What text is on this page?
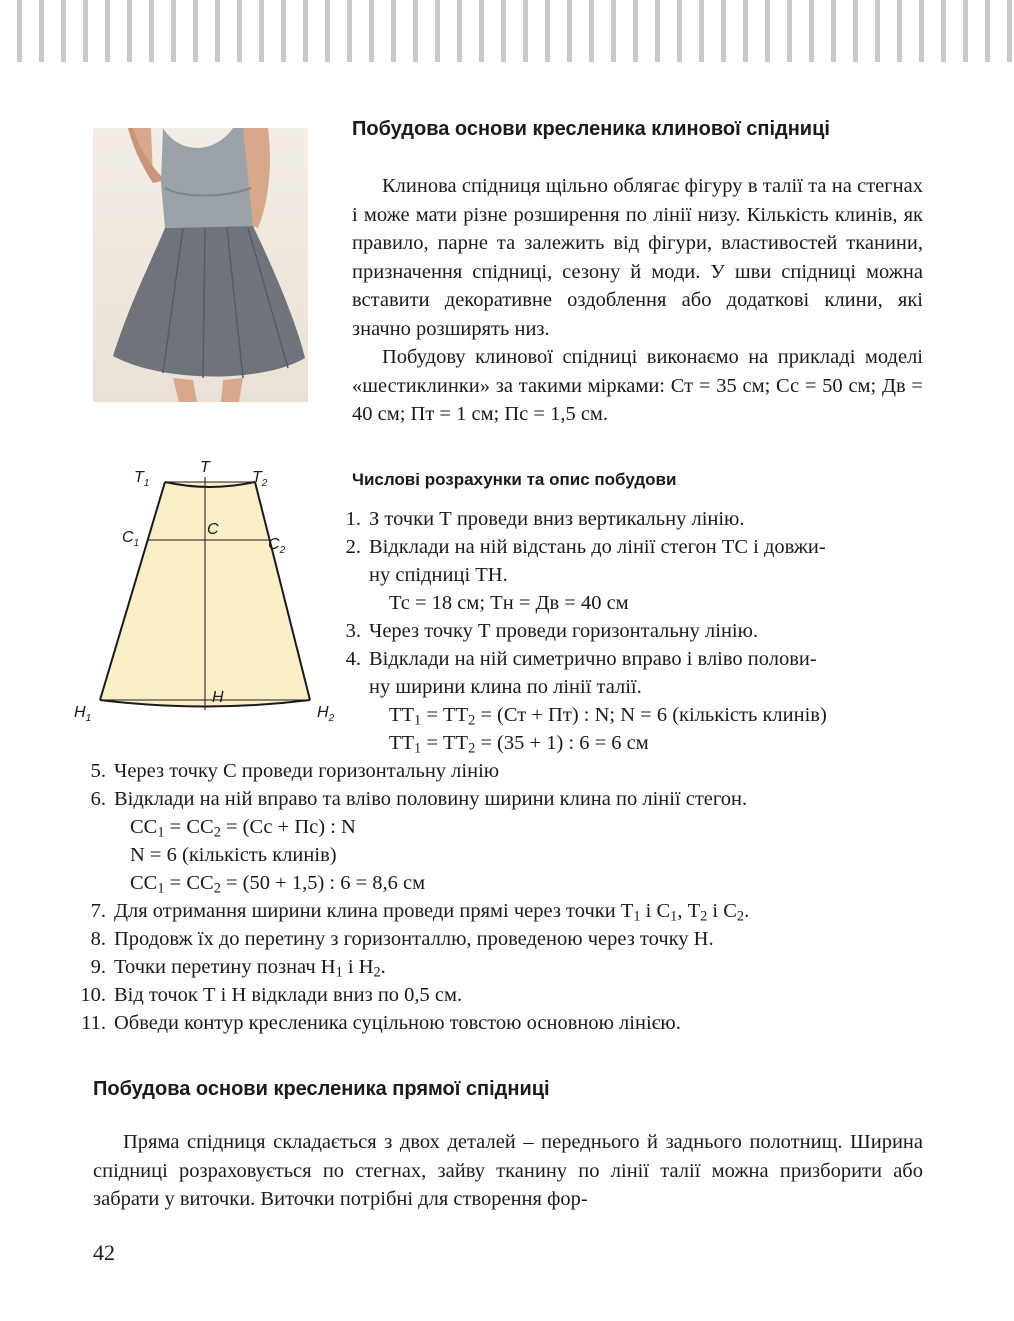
Побудова основи кресленика клинової спідниці

Клинова спідниця щільно облягає фігуру в талії та на стегнах і може мати різне розширення по лінії низу. Кількість клинів, як правило, парне та залежить від фігури, властивостей тканини, призначення спідниці, сезону й моди. У шви спідниці можна вставити декоративне оздоблення або додаткові клини, які значно розширять низ.

Побудову клинової спідниці виконаємо на прикладі моделі «шестиклинки» за такими мірками: Ст = 35 см; Сс = 50 см; Дв = 40 см; Пт = 1 см; Пс = 1,5 см.

T
$T_1$	$T_2$
C
$C_1$	$C_2$
H
$H_1$	$H_2$
Числові розрахунки та опис побудови
1. З точки Т проведи вниз вертикальну лінію.
2. Відклади на ній відстань до лінії стегон ТС і довжи-
ну спідниці ТН.
Тс = 18 см; Тн = Дв = 40 см
3. Через точку Т проведи горизонтальну лінію.
4. Відклади на ній симетрично вправо і вліво полови-
ну ширини клина по лінії талії.
$ТТ_1 = ТТ_2 = (Ст + Пт)$ : N; N = 6 (кількість клинів)
$ТТ_1 = ТТ_2 = (35 + 1)$ : 6 = 6 см
5. Через точку С проведи горизонтальну лінію
6. Відклади на ній вправо та вліво половину ширини клина по лінії стегон.
$СС_1 = СС_2 = (Сс + Пс)$ : N
N = 6 (кількість клинів)
$СС_1 = СС_2 = (50 + 1,5)$ : 6 = 8,6 см
7. Для отримання ширини клина проведи прямі через точки $Т_1$ і $С_1$, $Т_2$ і $С_2$.
8. Продовж їх до перетину з горизонталлю, проведеною через точку Н.
9. Точки перетину познач $Н_1$ і $Н_2$.
10. Від точок Т і Н відклади вниз по 0,5 см.
11. Обведи контур кресленика суцільною товстою основною лінією.
Побудова основи кресленика прямої спідниці

Пряма спідниця складається з двох деталей – переднього й заднього полотнищ. Ширина спідниці розраховується по стегнах, зайву тканину по лінії талії можна призборити або забрати у виточки. Виточки потрібні для створення фор-

42
